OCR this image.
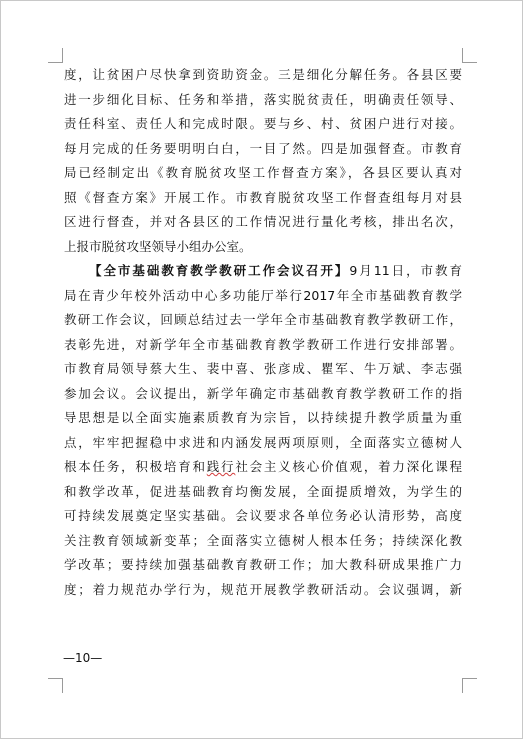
度，让贫困户尽快拿到资助资金。三是细化分解任务。各县区要
进一步细化目标、任务和举措，落实脱贫责任，明确责任领导、
责任科室、责任人和完成时限。要与乡、村、贫困户进行对接。
每月完成的任务要明明白白，一目了然。四是加强督查。市教育
局已经制定出《教育脱贫攻坚工作督查方案》，各县区要认真对
照《督查方案》开展工作。市教育脱贫攻坚工作督查组每月对县
区进行督查，并对各县区的工作情况进行量化考核，排出名次，
上报市脱贫攻坚领导小组办公室。
【全市基础教育教学教研工作会议召开】9月11日，市教育
局在青少年校外活动中心多功能厅举行2017年全市基础教育教学
教研工作会议，回顾总结过去一学年全市基础教育教学教研工作，
表彰先进，对新学年全市基础教育教学教研工作进行安排部署。
市教育局领导蔡大生、裴中喜、张彦成、瞿军、牛万斌、李志强
参加会议。会议提出，新学年确定市基础教育教学教研工作的指
导思想是以全面实施素质教育为宗旨，以持续提升教学质量为重
点，牢牢把握稳中求进和内涵发展两项原则，全面落实立德树人
根本任务，积极培育和践行社会主义核心价值观，着力深化课程
和教学改革，促进基础教育均衡发展，全面提质增效，为学生的
可持续发展奠定坚实基础。会议要求各单位务必认清形势，高度
关注教育领域新变革；全面落实立德树人根本任务；持续深化教
学改革；要持续加强基础教育教研工作；加大教科研成果推广力
度；着力规范办学行为，规范开展教学教研活动。会议强调，新
—10—
